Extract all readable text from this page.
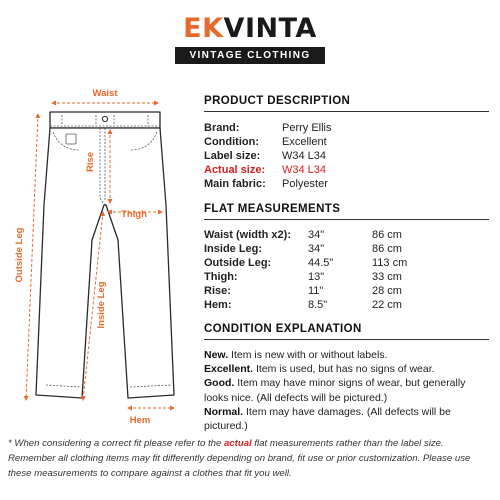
EKVINTA
VINTAGE CLOTHING
Waist
Rise
Thigh
Outside Leg
Inside Leg
Hem
PRODUCT DESCRIPTION
Brand:	Perry Ellis
Condition: Excellent
Label size: W34 L34
Actual size: W34 L34
Main fabric: Polyester
FLAT MEASUREMENTS
Waist (width x2): 34"	86 cm
Inside Leg:	34"	86 cm
Outside Leg:	44.5"	113 cm
Thigh:	13"	33 cm
Rise:	11"	28 cm
Hem:	8.5"	22 cm
CONDITION EXPLANATION
New. Item is new with or without labels.
Excellent. Item is used, but has no signs of wear.
Good. Item may have minor signs of wear, but generally looks nice. (All defects will be pictured.)
Normal. Item may have damages. (All defects will be pictured.)
* When considering a correct fit please refer to the actual flat measurements rather than the label size. Remember all clothing items may fit differently depending on brand, fit use or prior customization. Please use these measurements to compare against a clothes that fit you well.
